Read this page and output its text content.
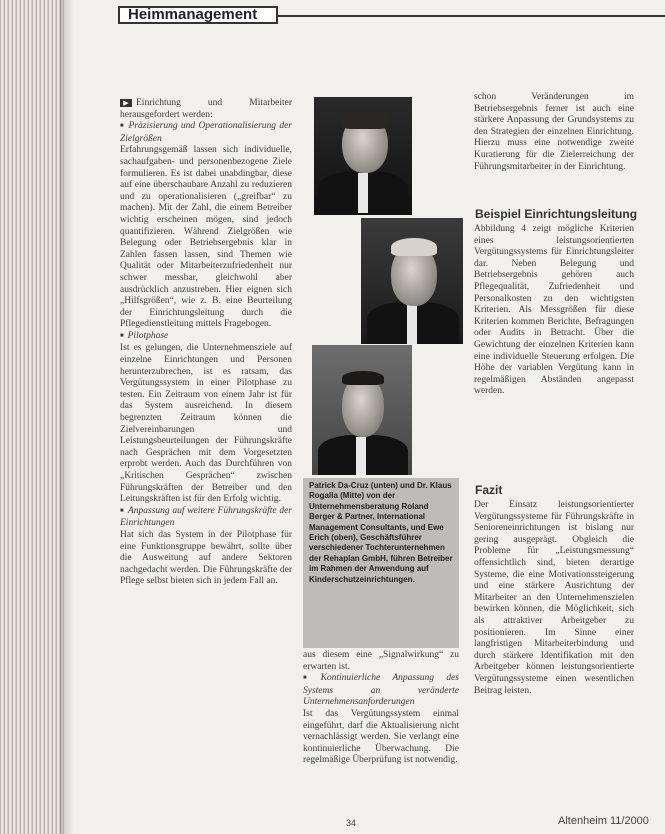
Heimmanagement

▶ Einrichtung und Mitarbeiter herausgefordert werden:

■ Präzisierung und Operationalisierung der Zielgrößen

Erfahrungsgemäß lassen sich individuelle, sachaufgaben- und personenbezogene Ziele formulieren. Es ist dabei unabdingbar, diese auf eine überschaubare Anzahl zu reduzieren und zu operationalisieren („greifbar“ zu machen). Mit der Zahl, die einem Betreiber wichtig erscheinen mögen, sind jedoch quantifizieren. Während Zielgrößen wie Belegung oder Betriebsergebnis klar in Zahlen fassen lassen, sind Themen wie Qualität oder Mitarbeiterzufriedenheit nur schwer messbar, gleichwohl aber ausdrücklich anzustreben. Hier eignen sich „Hilfsgrößen“, wie z. B. eine Beurteilung der Einrichtungsleitung durch die Pflegedienstleitung mittels Fragebogen.

■ Pilotphase

Ist es gelungen, die Unternehmensziele auf einzelne Einrichtungen und Personen herunterzubrechen, ist es ratsam, das Vergütungssystem in einer Pilotphase zu testen. Ein Zeitraum von einem Jahr ist für das System ausreichend. In diesem begrenzten Zeitraum können die Zielvereinbarungen und Leistungsbeurteilungen der Führungskräfte nach Gesprächen mit dem Vorgesetzten erprobt werden. Auch das Durchführen von „Kritischen Gesprächen“ zwischen Führungskräften der Betreiber und den Leitungskräften ist für den Erfolg wichtig.

■ Anpassung auf weitere Führungskräfte der Einrichtungen

Hat sich das System in der Pilotphase für eine Funktionsgruppe bewährt, sollte über die Ausweitung auf andere Sektoren nachgedacht werden. Die Führungskräfte der Pflege selbst bieten sich in jedem Fall an.

Patrick Da-Cruz (unten) und Dr. Klaus Rogalla (Mitte) von der Unternehmensberatung Roland Berger & Partner, International Management Consultants, und Ewe Erich (oben), Geschäftsführer verschiedener Tochterunternehmen der Rehaplan GmbH, führen Betreiber im Rahmen der Anwendung auf Kinderschutzeinrichtungen.

aus diesem eine „Signalwirkung“ zu erwarten ist.

■ Kontinuierliche Anpassung des Systems an veränderte Unternehmensanforderungen

Ist das Vergütungssystem einmal eingeführt, darf die Aktualisierung nicht vernachlässigt werden. Sie verlangt eine kontinuierliche Überwachung. Die regelmäßige Überprüfung ist notwendig.

schon Veränderungen im Betriebsergebnis ferner ist auch eine stärkere Anpassung der Grundsystems zu den Strategien der einzelnen Einrichtung. Hierzu muss eine notwendige zweite Kuratierung für die Zielerreichung der Führungsmitarbeiter in der Einrichtung.

Beispiel Einrichtungsleitung

Abbildung 4 zeigt mögliche Kriterien eines leistungsorientierten Vergütungssystems für Einrichtungsleiter dar. Neben Belegung und Betriebsergebnis gehören auch Pflegequalität, Zufriedenheit und Personalkosten zu den wichtigsten Kriterien. Als Messgrößen für diese Kriterien kommen Berichte, Befragungen oder Audits in Betracht. Über die Gewichtung der einzelnen Kriterien kann eine individuelle Steuerung erfolgen. Die Höhe der variablen Vergütung kann in regelmäßigen Abständen angepasst werden.

Fazit

Der Einsatz leistungsorientierter Vergütungssysteme für Führungskräfte in Senioreneinrichtungen ist bislang nur gering ausgeprägt. Obgleich die Probleme für „Leistungsmessung“ offensichtlich sind, bieten derartige Systeme, die eine Motivationssteigerung und eine stärkere Ausrichtung der Mitarbeiter an den Unternehmenszielen bewirken können, die Möglichkeit, sich als attraktiver Arbeitgeber zu positionieren. Im Sinne einer langfristigen Mitarbeiterbindung und durch stärkere Identifikation mit den Arbeitgeber können leistungsorientierte Vergütungssysteme einen wesentlichen Beitrag leisten.

34	Altenheim 11/2000
